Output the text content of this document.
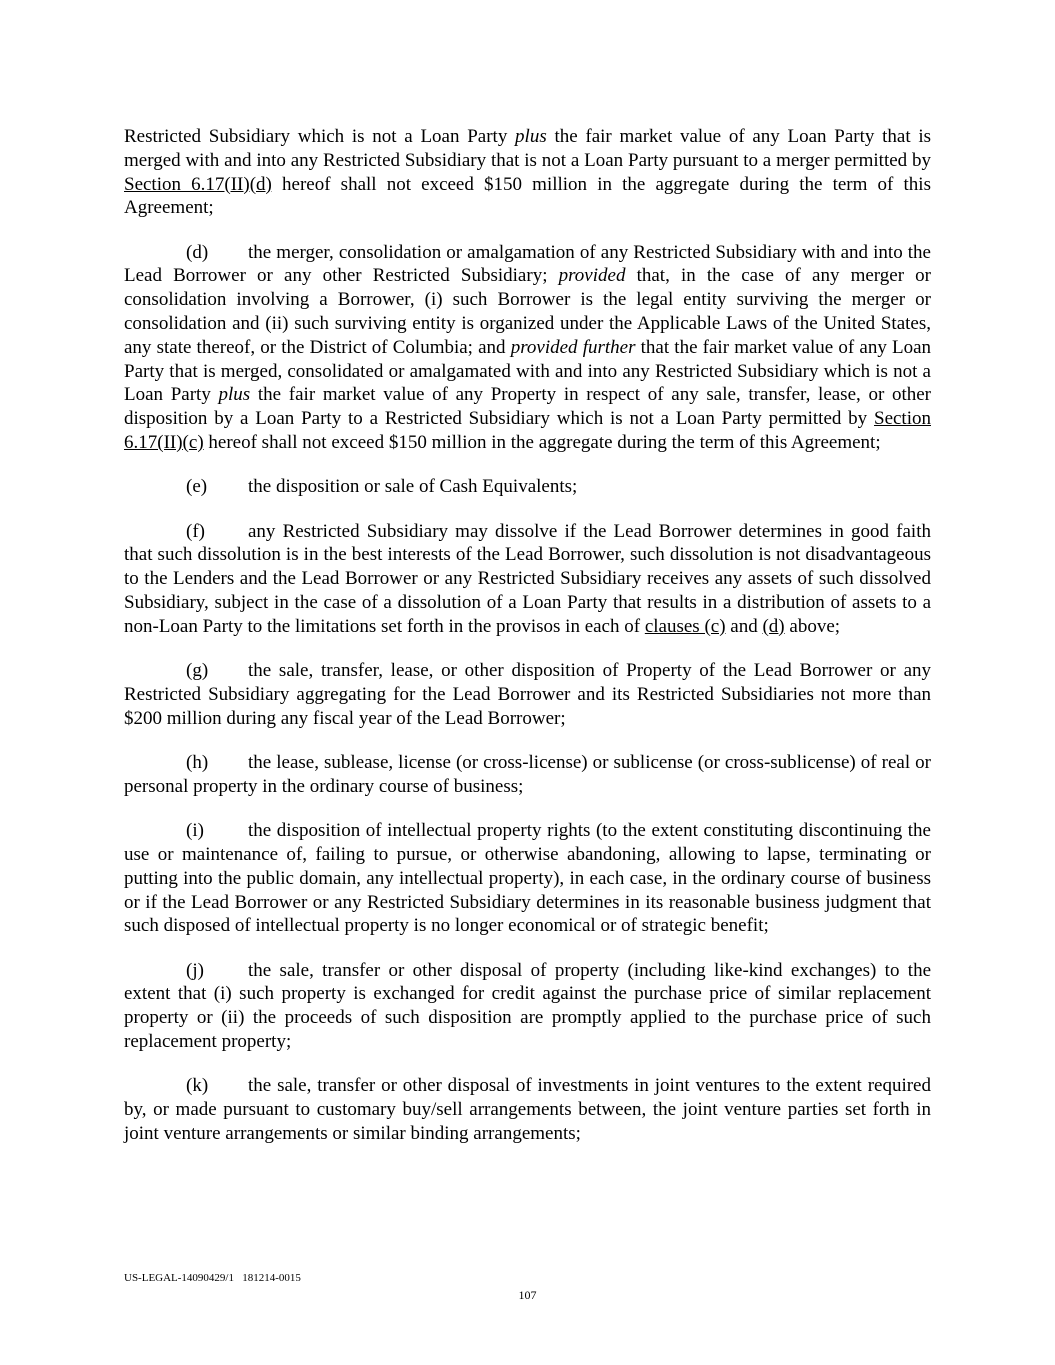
Restricted Subsidiary which is not a Loan Party plus the fair market value of any Loan Party that is merged with and into any Restricted Subsidiary that is not a Loan Party pursuant to a merger permitted by Section 6.17(II)(d) hereof shall not exceed $150 million in the aggregate during the term of this Agreement;

(d) the merger, consolidation or amalgamation of any Restricted Subsidiary with and into the Lead Borrower or any other Restricted Subsidiary; provided that, in the case of any merger or consolidation involving a Borrower, (i) such Borrower is the legal entity surviving the merger or consolidation and (ii) such surviving entity is organized under the Applicable Laws of the United States, any state thereof, or the District of Columbia; and provided further that the fair market value of any Loan Party that is merged, consolidated or amalgamated with and into any Restricted Subsidiary which is not a Loan Party plus the fair market value of any Property in respect of any sale, transfer, lease, or other disposition by a Loan Party to a Restricted Subsidiary which is not a Loan Party permitted by Section 6.17(II)(c) hereof shall not exceed $150 million in the aggregate during the term of this Agreement;

(e) the disposition or sale of Cash Equivalents;

(f) any Restricted Subsidiary may dissolve if the Lead Borrower determines in good faith that such dissolution is in the best interests of the Lead Borrower, such dissolution is not disadvantageous to the Lenders and the Lead Borrower or any Restricted Subsidiary receives any assets of such dissolved Subsidiary, subject in the case of a dissolution of a Loan Party that results in a distribution of assets to a non-Loan Party to the limitations set forth in the provisos in each of clauses (c) and (d) above;

(g) the sale, transfer, lease, or other disposition of Property of the Lead Borrower or any Restricted Subsidiary aggregating for the Lead Borrower and its Restricted Subsidiaries not more than $200 million during any fiscal year of the Lead Borrower;

(h) the lease, sublease, license (or cross-license) or sublicense (or cross-sublicense) of real or personal property in the ordinary course of business;

(i) the disposition of intellectual property rights (to the extent constituting discontinuing the use or maintenance of, failing to pursue, or otherwise abandoning, allowing to lapse, terminating or putting into the public domain, any intellectual property), in each case, in the ordinary course of business or if the Lead Borrower or any Restricted Subsidiary determines in its reasonable business judgment that such disposed of intellectual property is no longer economical or of strategic benefit;

(j) the sale, transfer or other disposal of property (including like-kind exchanges) to the extent that (i) such property is exchanged for credit against the purchase price of similar replacement property or (ii) the proceeds of such disposition are promptly applied to the purchase price of such replacement property;

(k) the sale, transfer or other disposal of investments in joint ventures to the extent required by, or made pursuant to customary buy/sell arrangements between, the joint venture parties set forth in joint venture arrangements or similar binding arrangements;

US-LEGAL-14090429/1   181214-0015
107
